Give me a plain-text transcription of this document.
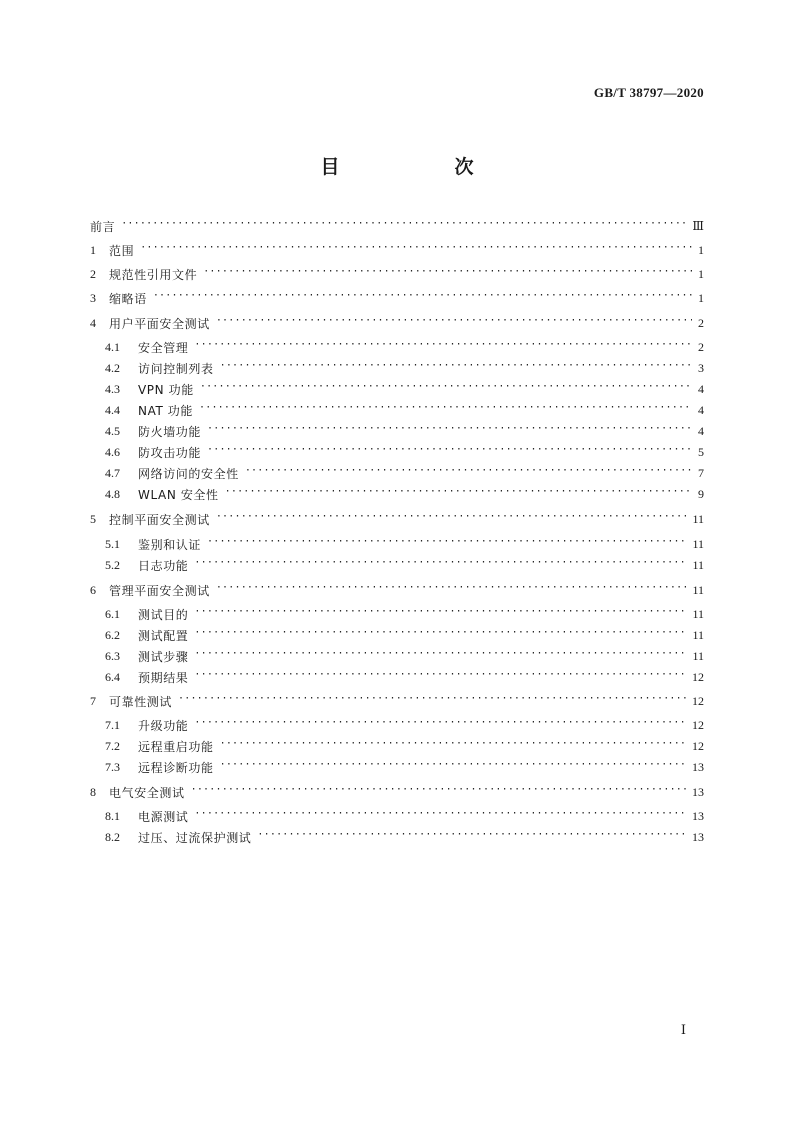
GB/T 38797—2020
目　次
前言 ·····	Ⅲ
1	范围 ·····	1
2	规范性引用文件 ·····	1
3	缩略语 ·····	1
4	用户平面安全测试 ·····	2
4.1	安全管理 ·····	2
4.2	访问控制列表 ·····	3
4.3	VPN 功能 ·····	4
4.4	NAT 功能 ·····	4
4.5	防火墙功能 ·····	4
4.6	防攻击功能 ·····	5
4.7	网络访问的安全性 ·····	7
4.8	WLAN 安全性 ·····	9
5	控制平面安全测试 ·····	11
5.1	鉴别和认证 ·····	11
5.2	日志功能 ·····	11
6	管理平面安全测试 ·····	11
6.1	测试目的 ·····	11
6.2	测试配置 ·····	11
6.3	测试步骤 ·····	11
6.4	预期结果 ·····	12
7	可靠性测试 ·····	12
7.1	升级功能 ·····	12
7.2	远程重启功能 ·····	12
7.3	远程诊断功能 ·····	13
8	电气安全测试 ·····	13
8.1	电源测试 ·····	13
8.2	过压、过流保护测试 ·····	13
Ⅰ
